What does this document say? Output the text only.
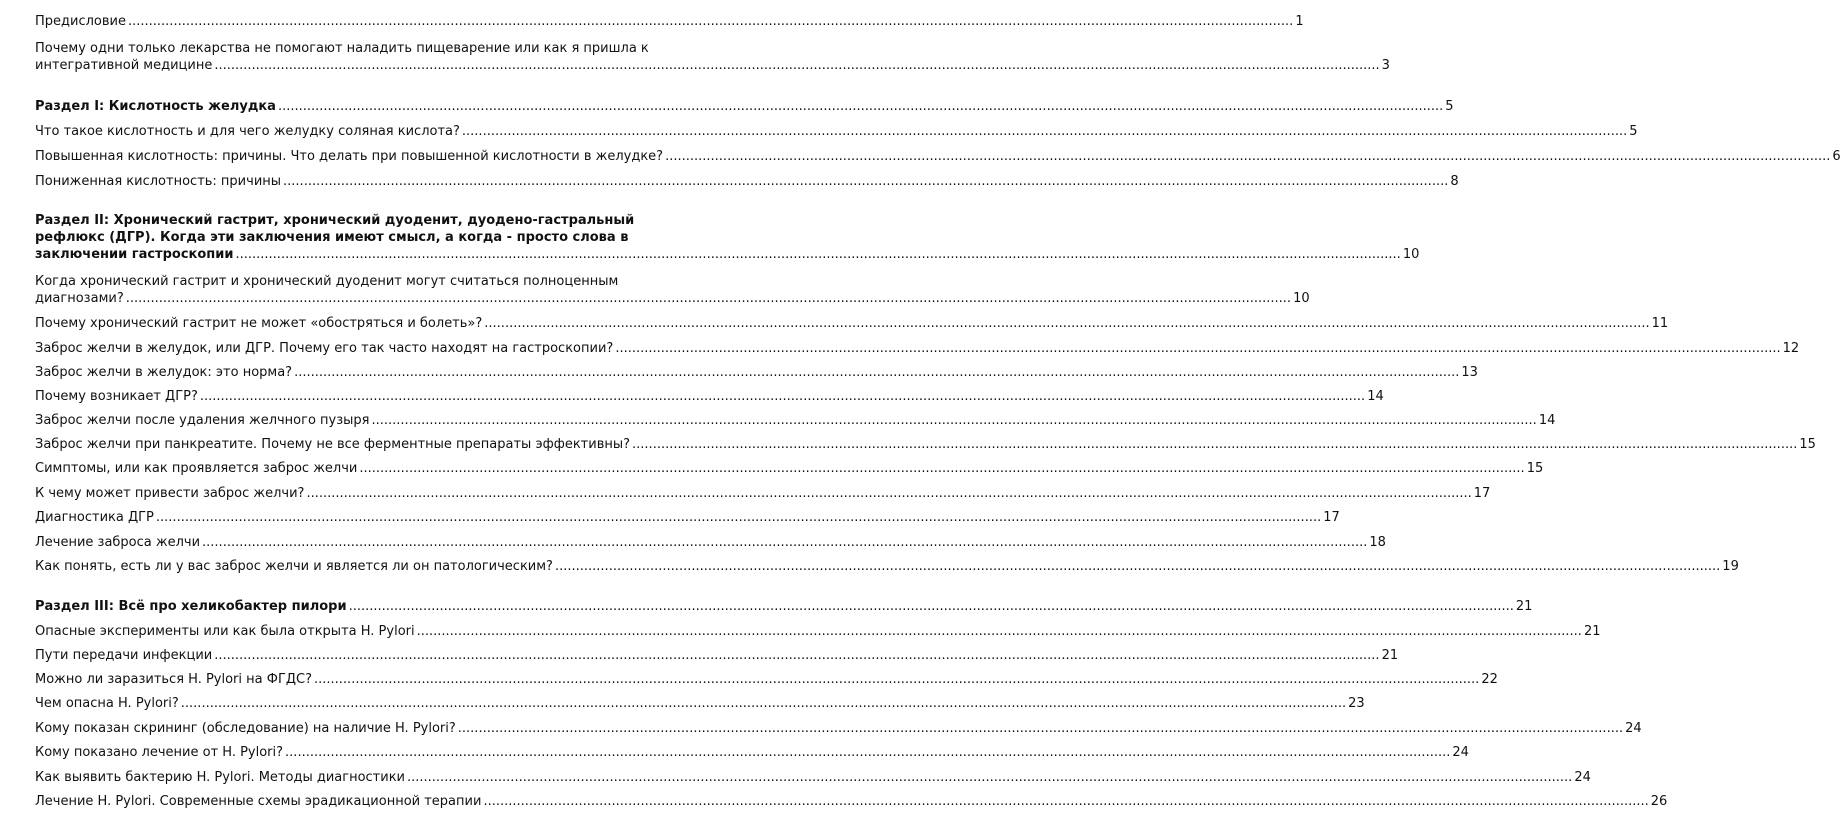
Предисловие .....	1
Почему одни только лекарства не помогают наладить пищеварение или как я пришла к
интегративной медицине .....	3
Раздел I: Кислотность желудка .....	5
Что такое кислотность и для чего желудку соляная кислота? .....	5
Повышенная кислотность: причины. Что делать при повышенной кислотности в желудке? .....	6
Пониженная кислотность: причины .....	8
Раздел II: Хронический гастрит, хронический дуоденит, дуодено-гастральный
рефлюкс (ДГР). Когда эти заключения имеют смысл, а когда - просто слова в
заключении гастроскопии .....	10
Когда хронический гастрит и хронический дуоденит могут считаться полноценным
диагнозами? .....	10
Почему хронический гастрит не может «обостряться и болеть»? .....	11
Заброс желчи в желудок, или ДГР. Почему его так часто находят на гастроскопии? .....	12
Заброс желчи в желудок: это норма? .....	13
Почему возникает ДГР? .....	14
Заброс желчи после удаления желчного пузыря .....	14
Заброс желчи при панкреатите. Почему не все ферментные препараты эффективны? .....	15
Симптомы, или как проявляется заброс желчи .....	15
К чему может привести заброс желчи? .....	17
Диагностика ДГР .....	17
Лечение заброса желчи .....	18
Как понять, есть ли у вас заброс желчи и является ли он патологическим? .....	19
Раздел III: Всё про хеликобактер пилори .....	21
Опасные эксперименты или как была открыта H. Pylori .....	21
Пути передачи инфекции .....	21
Можно ли заразиться H. Pylori на ФГДС? .....	22
Чем опасна H. Pylori? .....	23
Кому показан скрининг (обследование) на наличие H. Pylori? .....	24
Кому показано лечение от H. Pylori? .....	24
Как выявить бактерию H. Pylori. Методы диагностики .....	24
Лечение H. Pylori. Современные схемы эрадикационной терапии .....	26
